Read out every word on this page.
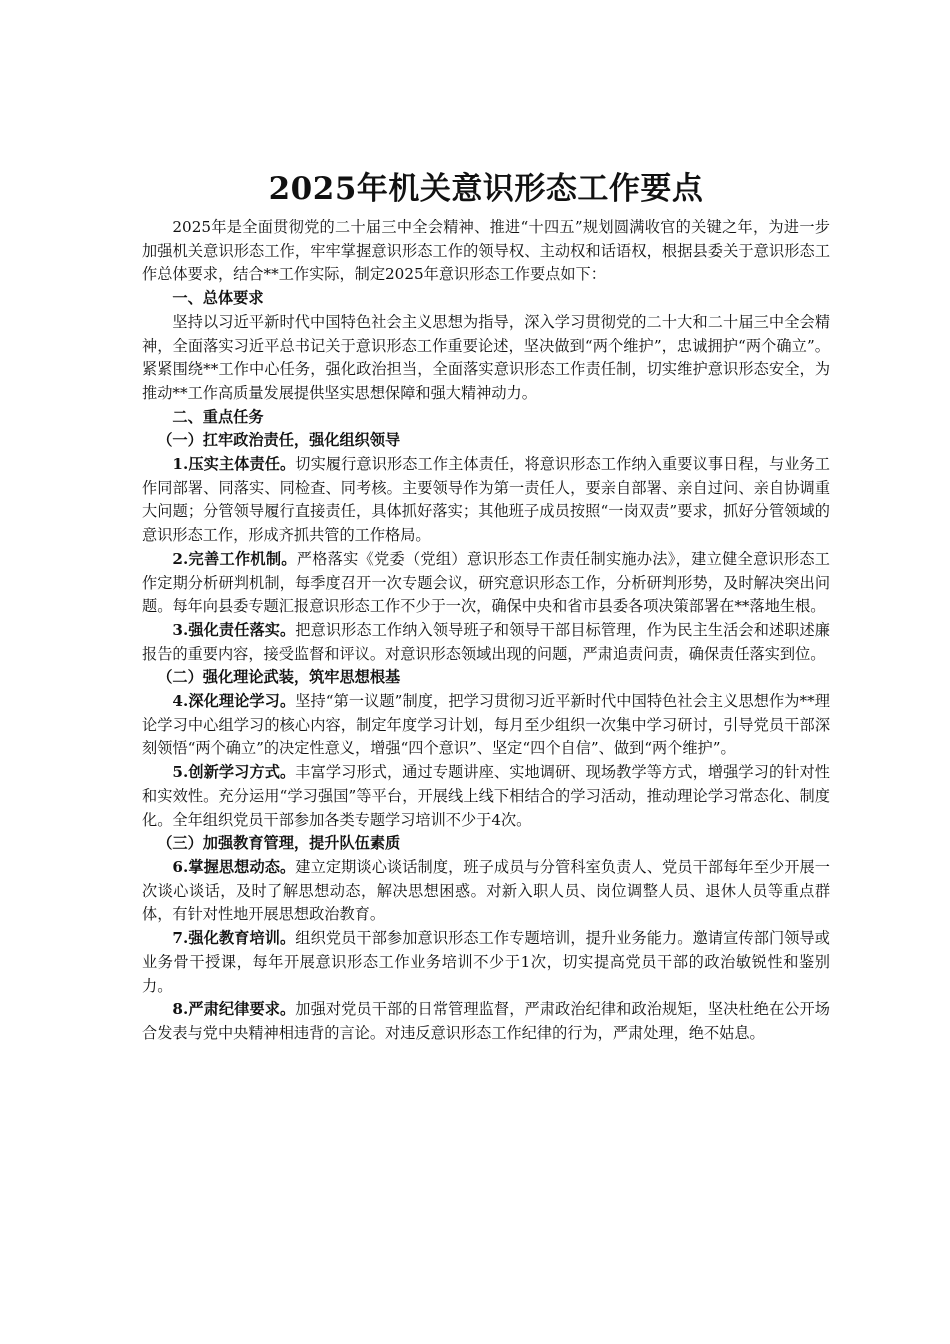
2025年机关意识形态工作要点

2025年是全面贯彻党的二十届三中全会精神、推进“十四五”规划圆满收官的关键之年，为进一步加强机关意识形态工作，牢牢掌握意识形态工作的领导权、主动权和话语权，根据县委关于意识形态工作总体要求，结合**工作实际，制定2025年意识形态工作要点如下：

一、总体要求

坚持以习近平新时代中国特色社会主义思想为指导，深入学习贯彻党的二十大和二十届三中全会精神，全面落实习近平总书记关于意识形态工作重要论述，坚决做到“两个维护”，忠诚拥护“两个确立”。紧紧围绕**工作中心任务，强化政治担当，全面落实意识形态工作责任制，切实维护意识形态安全，为推动**工作高质量发展提供坚实思想保障和强大精神动力。

二、重点任务

（一）扛牢政治责任，强化组织领导

1.压实主体责任。切实履行意识形态工作主体责任，将意识形态工作纳入重要议事日程，与业务工作同部署、同落实、同检查、同考核。主要领导作为第一责任人，要亲自部署、亲自过问、亲自协调重大问题；分管领导履行直接责任，具体抓好落实；其他班子成员按照“一岗双责”要求，抓好分管领域的意识形态工作，形成齐抓共管的工作格局。

2.完善工作机制。严格落实《党委（党组）意识形态工作责任制实施办法》，建立健全意识形态工作定期分析研判机制，每季度召开一次专题会议，研究意识形态工作，分析研判形势，及时解决突出问题。每年向县委专题汇报意识形态工作不少于一次，确保中央和省市县委各项决策部署在**落地生根。

3.强化责任落实。把意识形态工作纳入领导班子和领导干部目标管理，作为民主生活会和述职述廉报告的重要内容，接受监督和评议。对意识形态领域出现的问题，严肃追责问责，确保责任落实到位。

（二）强化理论武装，筑牢思想根基

4.深化理论学习。坚持“第一议题”制度，把学习贯彻习近平新时代中国特色社会主义思想作为**理论学习中心组学习的核心内容，制定年度学习计划，每月至少组织一次集中学习研讨，引导党员干部深刻领悟“两个确立”的决定性意义，增强“四个意识”、坚定“四个自信”、做到“两个维护”。

5.创新学习方式。丰富学习形式，通过专题讲座、实地调研、现场教学等方式，增强学习的针对性和实效性。充分运用“学习强国”等平台，开展线上线下相结合的学习活动，推动理论学习常态化、制度化。全年组织党员干部参加各类专题学习培训不少于4次。

（三）加强教育管理，提升队伍素质

6.掌握思想动态。建立定期谈心谈话制度，班子成员与分管科室负责人、党员干部每年至少开展一次谈心谈话，及时了解思想动态，解决思想困惑。对新入职人员、岗位调整人员、退休人员等重点群体，有针对性地开展思想政治教育。

7.强化教育培训。组织党员干部参加意识形态工作专题培训，提升业务能力。邀请宣传部门领导或业务骨干授课，每年开展意识形态工作业务培训不少于1次，切实提高党员干部的政治敏锐性和鉴别力。

8.严肃纪律要求。加强对党员干部的日常管理监督，严肃政治纪律和政治规矩，坚决杜绝在公开场合发表与党中央精神相违背的言论。对违反意识形态工作纪律的行为，严肃处理，绝不姑息。
